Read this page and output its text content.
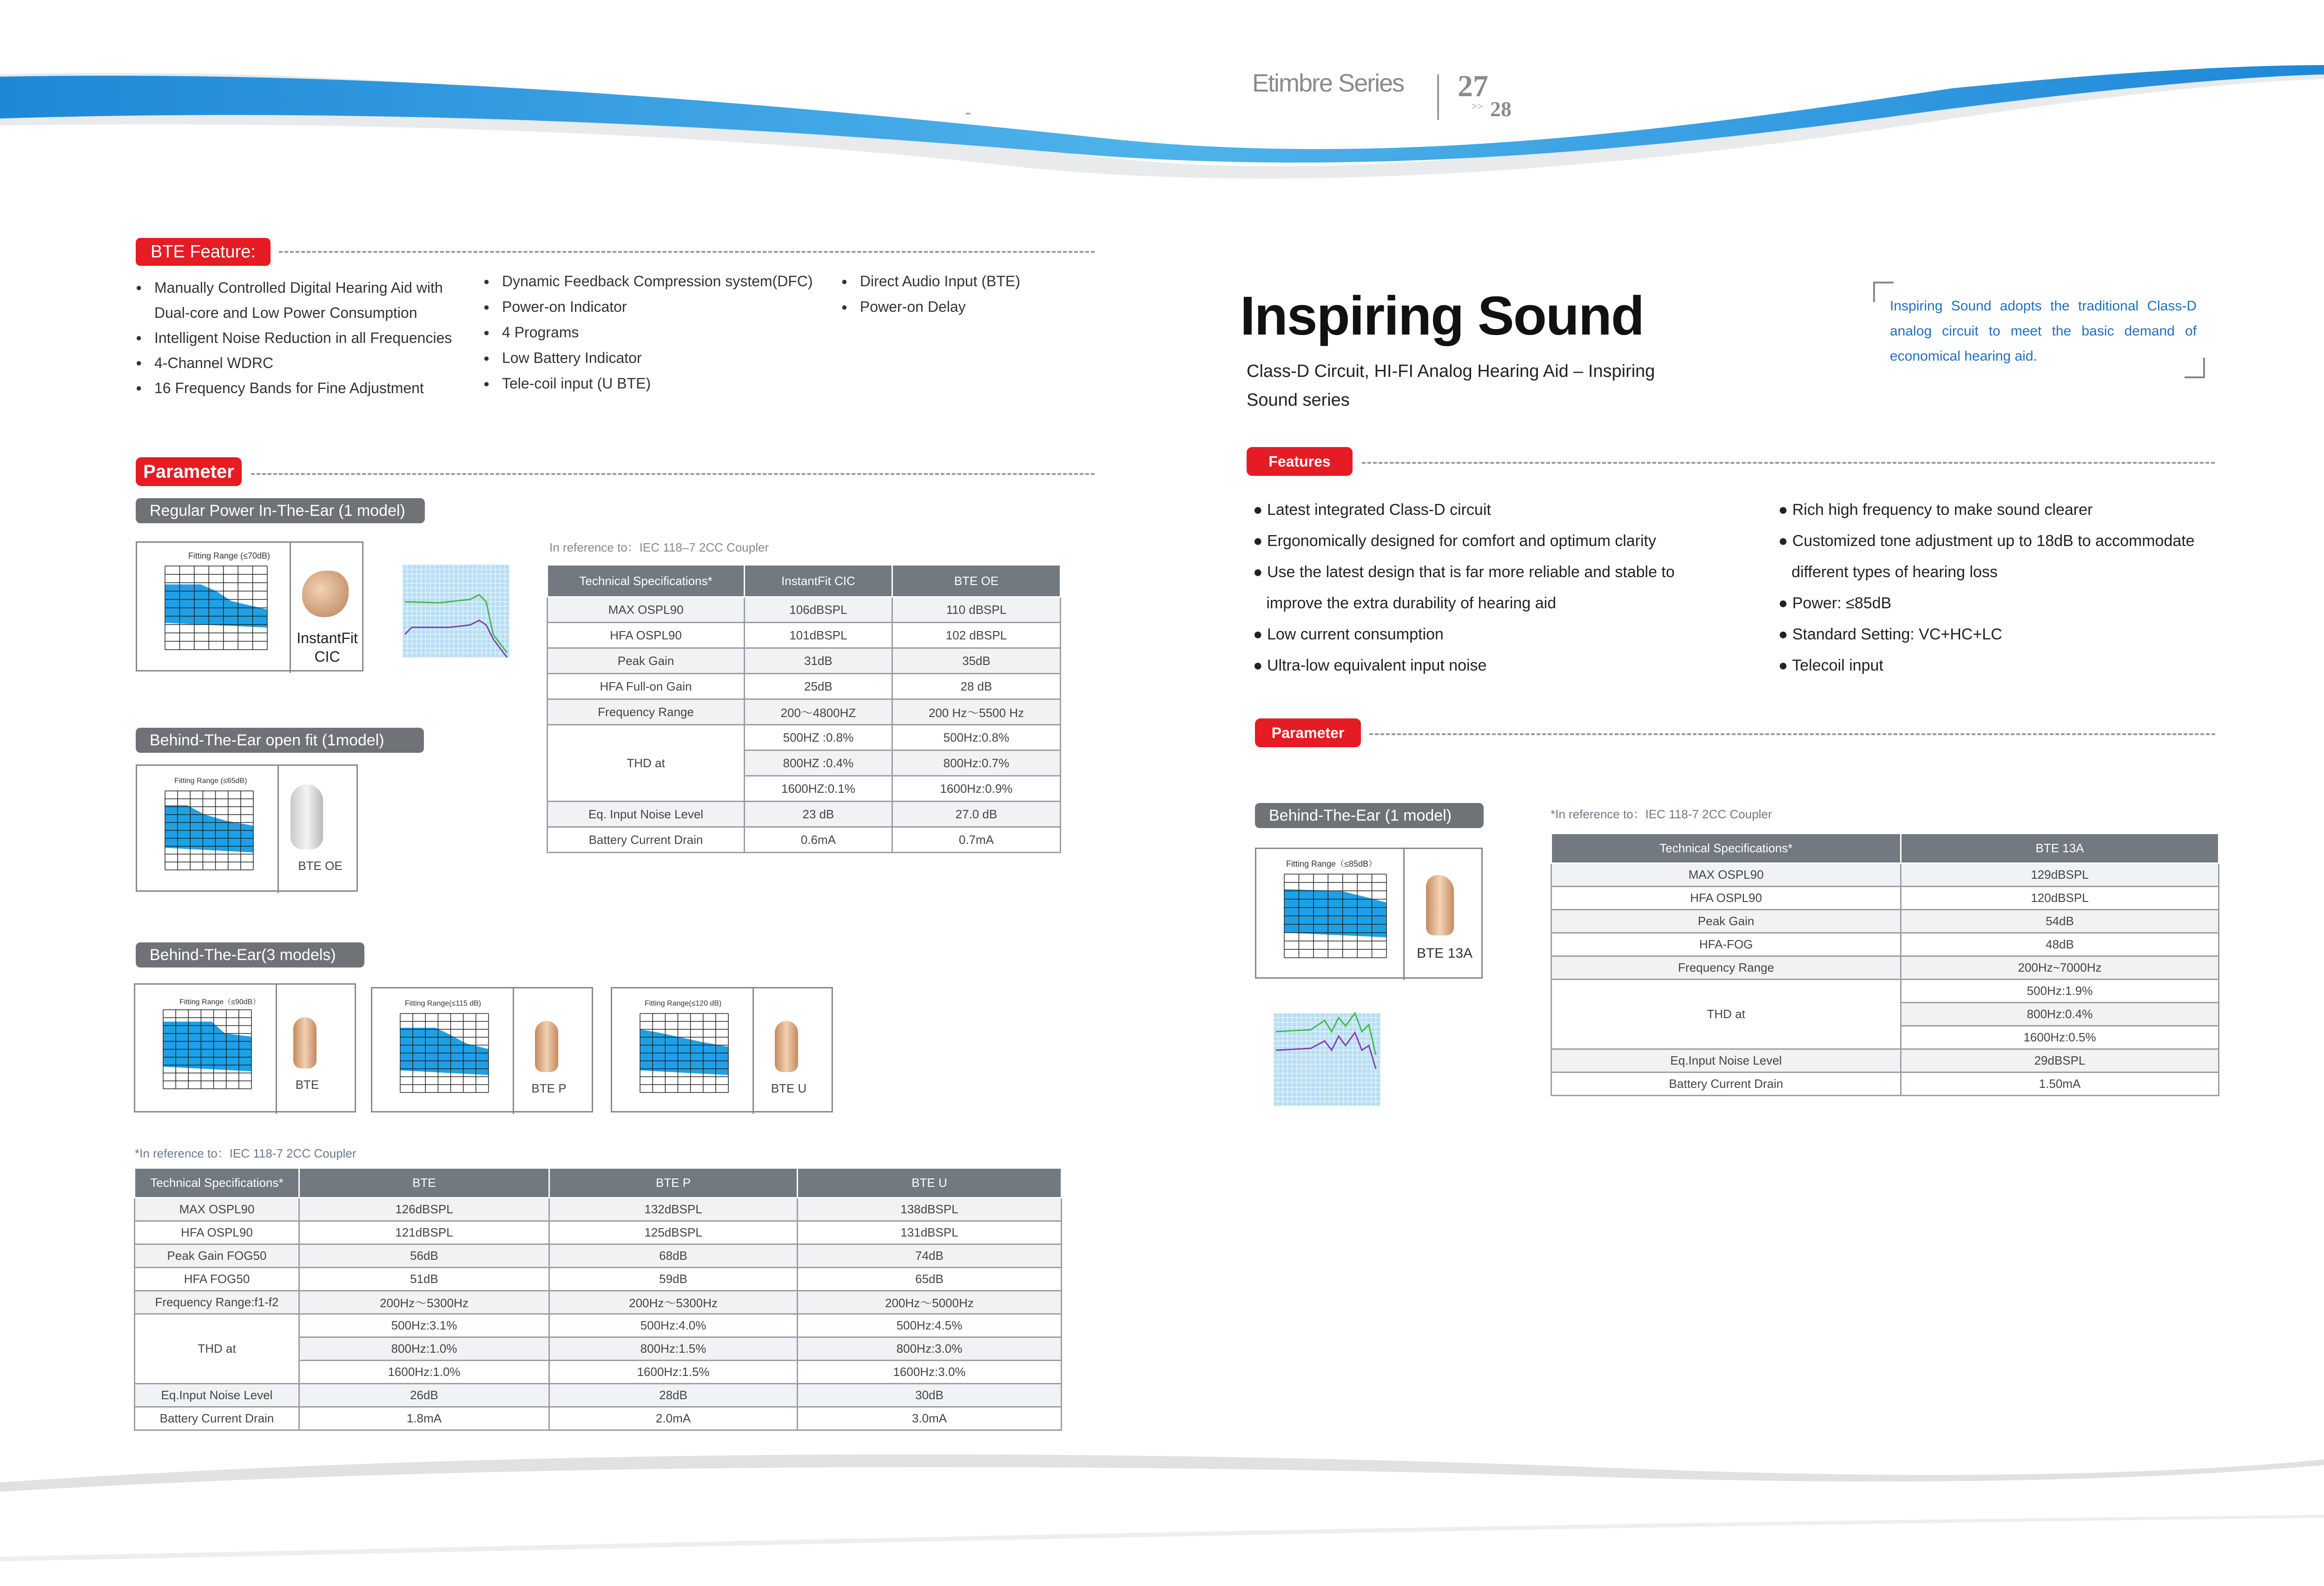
Etimbre Series 27
>> 28
-
BTE Feature:
● Manually Controlled Digital Hearing Aid with
Dual-core and Low Power Consumption
● Intelligent Noise Reduction in all Frequencies
● 4-Channel WDRC
● 16 Frequency Bands for Fine Adjustment
● Dynamic Feedback Compression system(DFC)
● Power-on Indicator
● 4 Programs
● Low Battery Indicator
● Tele-coil input (U BTE)
● Direct Audio Input (BTE)
● Power-on Delay
Parameter
Regular Power In-The-Ear (1 model)
Fitting Range (≤70dB)
InstantFit CIC
In reference to：IEC 118–7 2CC Coupler
Technical Specifications*	InstantFit CIC	BTE OE
MAX OSPL90	106dBSPL	110 dBSPL
HFA OSPL90	101dBSPL	102 dBSPL
Peak Gain	31dB	35dB
HFA Full-on Gain	25dB	28 dB
Frequency Range	200～4800HZ	200 Hz～5500 Hz
THD at	500HZ :0.8%	500Hz:0.8%
	800HZ :0.4%	800Hz:0.7%
	1600HZ:0.1%	1600Hz:0.9%
Eq. Input Noise Level	23 dB	27.0 dB
Battery Current Drain	0.6mA	0.7mA
Behind-The-Ear open fit (1model)
Fitting Range (≤65dB)
BTE OE
Behind-The-Ear(3 models)
Fitting Range（≤90dB）
BTE
Fitting Range(≤115 dB)
BTE P
Fitting Range(≤120 dB)
BTE U
*In reference to：IEC 118-7 2CC Coupler
Technical Specifications*	BTE	BTE P	BTE U
MAX OSPL90	126dBSPL	132dBSPL	138dBSPL
HFA OSPL90	121dBSPL	125dBSPL	131dBSPL
Peak Gain FOG50	56dB	68dB	74dB
HFA FOG50	51dB	59dB	65dB
Frequency Range:f1-f2	200Hz～5300Hz	200Hz～5300Hz	200Hz～5000Hz
THD at	500Hz:3.1%	500Hz:4.0%	500Hz:4.5%
	800Hz:1.0%	800Hz:1.5%	800Hz:3.0%
	1600Hz:1.0%	1600Hz:1.5%	1600Hz:3.0%
Eq.Input Noise Level	26dB	28dB	30dB
Battery Current Drain	1.8mA	2.0mA	3.0mA
Inspiring Sound
Class-D Circuit, HI-FI Analog Hearing Aid – Inspiring
Sound series
Inspiring Sound adopts the traditional Class-D analog circuit to meet the basic demand of economical hearing aid.
Features
● Latest integrated Class-D circuit
● Ergonomically designed for comfort and optimum clarity
● Use the latest design that is far more reliable and stable to
improve the extra durability of hearing aid
● Low current consumption
● Ultra-low equivalent input noise
● Rich high frequency to make sound clearer
● Customized tone adjustment up to 18dB to accommodate
different types of hearing loss
● Power: ≤85dB
● Standard Setting: VC+HC+LC
● Telecoil input
Parameter
Behind-The-Ear (1 model)
Fitting Range（≤85dB）
BTE 13A
*In reference to：IEC 118-7 2CC Coupler
Technical Specifications*	BTE 13A
MAX OSPL90	129dBSPL
HFA OSPL90	120dBSPL
Peak Gain	54dB
HFA-FOG	48dB
Frequency Range	200Hz~7000Hz
THD at	500Hz:1.9%
	800Hz:0.4%
	1600Hz:0.5%
Eq.Input Noise Level	29dBSPL
Battery Current Drain	1.50mA
